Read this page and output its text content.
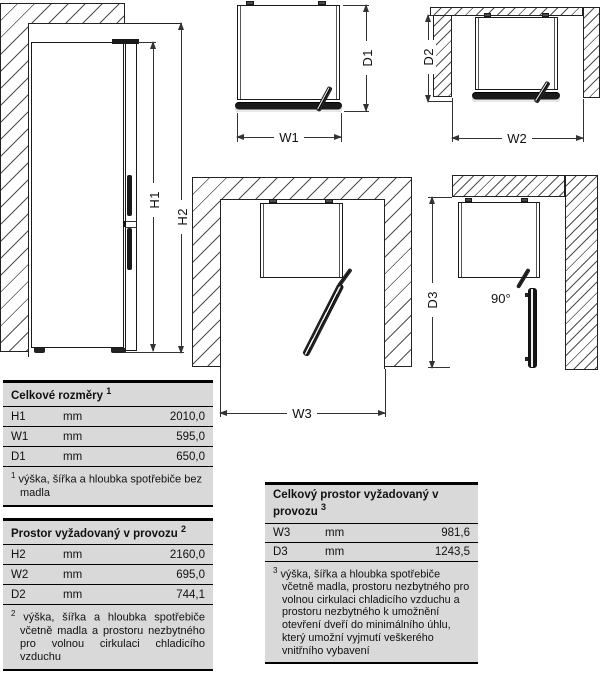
H1
H2
W1
D1	D2
W2
W3
90°
D3
Celkové rozměry $^1$
H1	mm	2010,0
W1	mm	595,0
D1	mm	650,0
$^1$ výška, šířka a hloubka spotřebiče bez madla
Prostor vyžadovaný v provozu $^2$
H2	mm	2160,0
W2	mm	695,0
D2	mm	744,1
$^2$ výška, šířka a hloubka spotřebiče včetně madla a prostoru nezbytného pro volnou cirkulaci chladicího vzduchu
Celkový prostor vyžadovaný v provozu $^3$
W3	mm	981,6
D3	mm	1243,5
$^3$ výška, šířka a hloubka spotřebiče včetně madla, prostoru nezbytného pro volnou cirkulaci chladicího vzduchu a prostoru nezbytného k umožnění otevření dveří do minimálního úhlu, který umožní vyjmutí veškerého vnitřního vybavení
